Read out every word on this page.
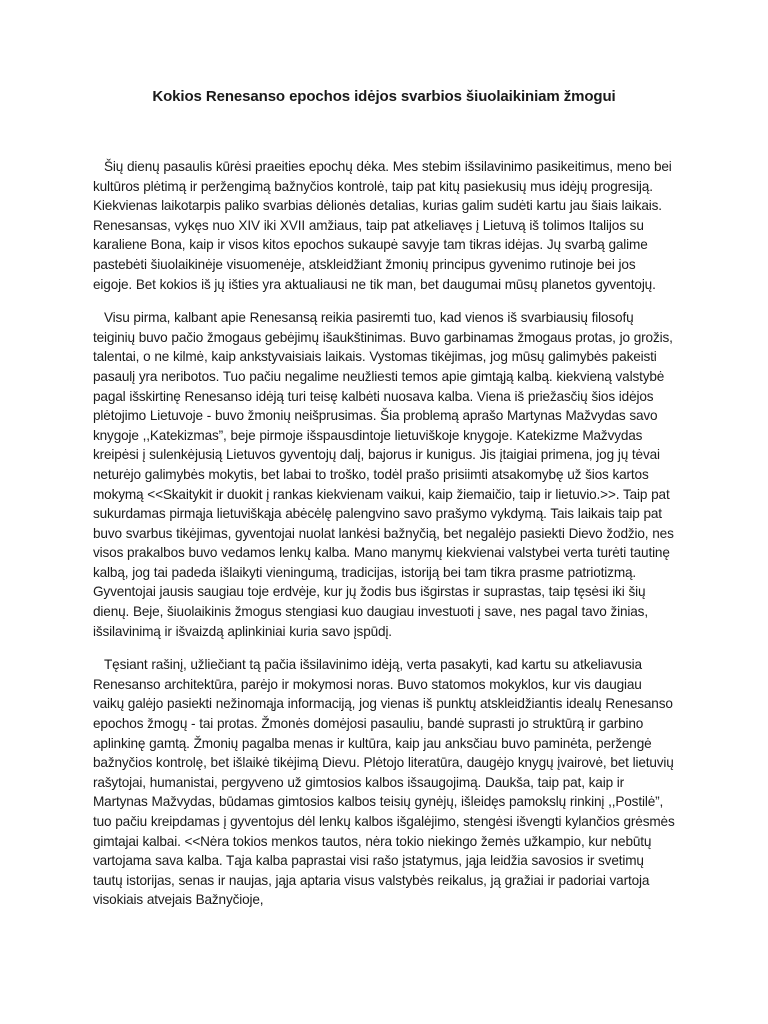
Kokios Renesanso epochos idėjos svarbios šiuolaikiniam žmogui

Šių dienų pasaulis kūrėsi praeities epochų dėka. Mes stebim išsilavinimo pasikeitimus, meno bei kultūros plėtimą ir peržengimą bažnyčios kontrolė, taip pat kitų pasiekusių mus idėjų progresiją. Kiekvienas laikotarpis palikо svarbias dėlionės detalias, kurias galim sudėti kartu jau šiais laikais. Renesansas, vykęs nuo XIV iki XVII amžiaus, taip pat atkeliavęs į Lietuvą iš tolimos Italijos su karaliene Bona, kaip ir visos kitos epochos sukaupė savyje tam tikras idėjas. Jų svarbą galime pastebėti šiuolaikinėje visuomenėje, atskleidžiant žmonių principus gyvenimo rutinoje bei jos eigoje. Bet kokios iš jų išties yra aktualiausi ne tik man, bet daugumai mūsų planetos gyventojų.

Visu pirma, kalbant apie Renesansą reikia pasiremti tuo, kad vienos iš svarbiausių filosofų teiginių buvo pačio žmogaus gebėjimų išaukštinimas. Buvo garbinamas žmogaus protas, jo grožis, talentai, o ne kilmė, kaip ankstyvaisiais laikais. Vystomas tikėjimas, jog mūsų galimybės pakeisti pasaulį yra neribotos. Tuo pačiu negalime neužliesti temos apie gimtąją kalbą. kiekvieną valstybė pagal išskirtinę Renesanso idėją turi teisę kalbėti nuosava kalba. Viena iš priežasčių šios idėjos plėtojimo Lietuvoje - buvo žmonių neišprusimas. Šia problemą aprašo Martynas Mažvydas savo knygoje ,,Katekizmas”, beje pirmoje išspausdintoje lietuviškoje knygoje. Katekizme Mažvydas kreipėsi į sulenkėjusią Lietuvos gyventojų dalį, bajorus ir kunigus. Jis įtaigiai primena, jog jų tėvai neturėjo galimybės mokytis, bet labai to troško, todėl prašo prisiimti atsakomybę už šios kartos mokymą <<Skaitykit ir duokit į rankas kiekvienam vaikui, kaip žiemaičio, taip ir lietuvio.>>. Taip pat sukurdamas pirmąja lietuviškąja abėcėlę palengvino savo prašymo vykdymą. Tais laikais taip pat buvo svarbus tikėjimas, gyventojai nuolat lankėsi bažnyčią, bet negalėjo pasiekti Dievo žodžio, nes visos prakalbos buvo vedamos lenkų kalba. Mano manymų kiekvienai valstybei verta turėti tautinę kalbą, jog tai padeda išlaikyti vieningumą, tradicijas, istoriją bei tam tikra prasme patriotizmą. Gyventojai jausis saugiau toje erdvėje, kur jų žodis bus išgirstas ir suprastas, taip tęsėsi iki šių dienų. Beje, šiuolaikinis žmogus stengiasi kuo daugiau investuoti į save, nes pagal tavo žinias, išsilavinimą ir išvaizdą aplinkiniai kuria savo įspūdį.

Tęsiant rašinį, užliečiant tą pačia išsilavinimo idėją, verta pasakyti, kad kartu su atkeliavusia Renesanso architektūra, parėjo ir mokymosi noras. Buvo statomos mokyklos, kur vis daugiau vaikų galėjo pasiekti nežinomąja informaciją, jog vienas iš punktų atskleidžiantis idealų Renesanso epochos žmogų - tai protas. Žmonės domėjosi pasauliu, bandė suprasti jo struktūrą ir garbino aplinkinę gamtą. Žmonių pagalba menas ir kultūra, kaip jau anksčiau buvo paminėta, peržengė bažnyčios kontrolę, bet išlaikė tikėjimą Dievu. Plėtojo literatūra, daugėjo knygų įvairovė, bet lietuvių rašytojai, humanistai, pergyveno už gimtosios kalbos išsaugojimą. Daukša, taip pat, kaip ir Martynas Mažvydas, būdamas gimtosios kalbos teisių gynėjų, išleidęs pamokslų rinkinį ,,Postilė”, tuo pačiu kreipdamas į gyventojus dėl lenkų kalbos išgalėjimo, stengėsi išvengti kylančios grėsmės gimtajai kalbai. <<Nėra tokios menkos tautos, nėra tokio niekingo žemės užkampio, kur nebūtų vartojama sava kalba. Tąja kalba paprastai visi rašo įstatymus, jąja leidžia savosios ir svetimų tautų istorijas, senas ir naujas, jąja aptaria visus valstybės reikalus, ją gražiai ir padoriai vartoja visokiais atvejais Bažnyčioje,
